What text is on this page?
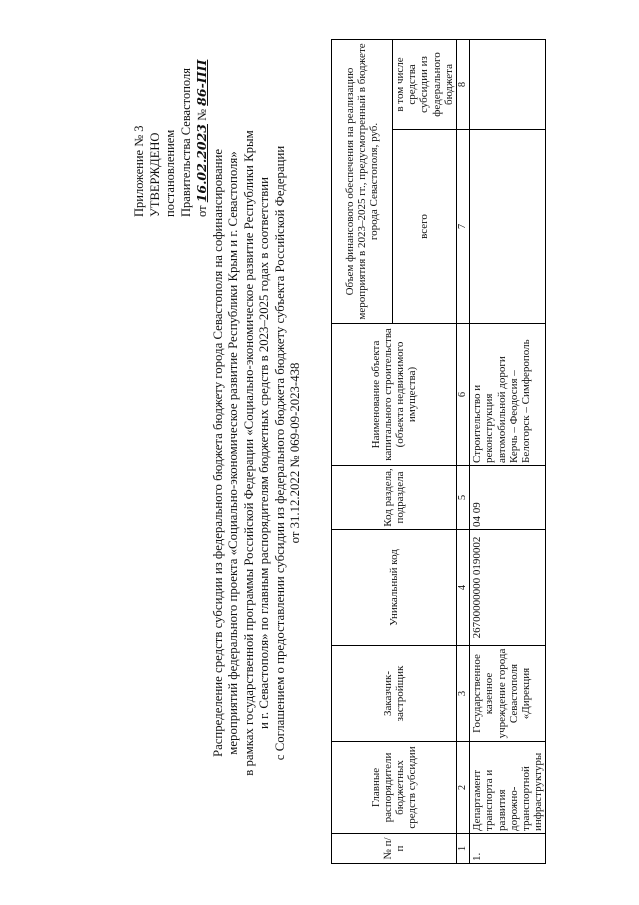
Приложение № 3 УТВЕРЖДЕНО постановлением Правительства Севастополя от 16.02.2023 № 86-ПП
Распределение средств субсидии из федерального бюджета бюджету города Севастополя на софинансирование мероприятий федерального проекта «Социально-экономическое развитие Республики Крым и г. Севастополя» в рамках государственной программы Российской Федерации «Социально-экономическое развитие Республики Крым и г. Севастополя» по главным распорядителям бюджетных средств в 2023–2025 годах в соответствии с Соглашением о предоставлении субсидии из федерального бюджета бюджету субъекта Российской Федерации от 31.12.2022 № 069-09-2023-438
№ п/п	Главные распорядители бюджетных средств субсидии	Заказчик-застройщик	Уникальный код	Код раздела, подраздела	Наименование объекта капитального строительства (объекта недвижимого имущества)	Объем финансового обеспечения на реализацию мероприятия в 2023–2025 гг., предусмотренный в бюджете города Севастополя, руб.	
						всего	в том числе средства субсидии из федерального бюджета
1	2	3	4	5	6	7	8
1.	Департамент транспорта и развития дорожно-транспортной инфраструктуры	Государственное казенное учреждение города Севастополя «Дирекция	26700000000 0190002	04 09	Строительство и реконструкция автомобильной дороги Керчь – Феодосия – Белогорск – Симферополь		
